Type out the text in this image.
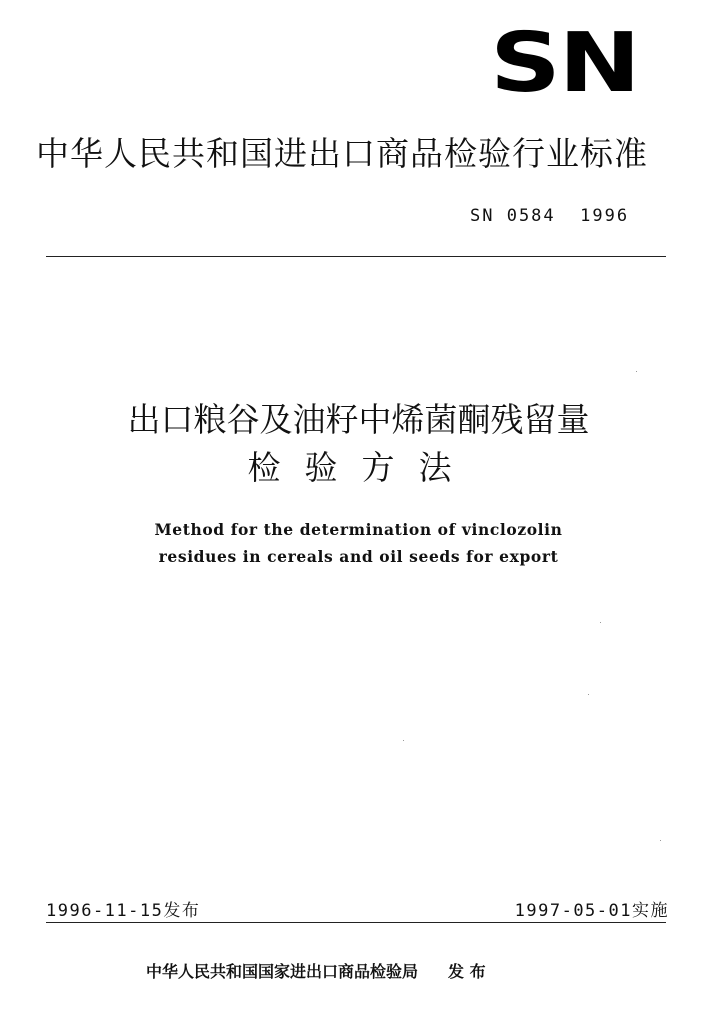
SN
中华人民共和国进出口商品检验行业标准
SN 0584  1996
出口粮谷及油籽中烯菌酮残留量
检验方法
Method for the determination of vinclozolin
residues in cereals and oil seeds for export
1996-11-15发布	1997-05-01实施
中华人民共和国国家进出口商品检验局 发 布
